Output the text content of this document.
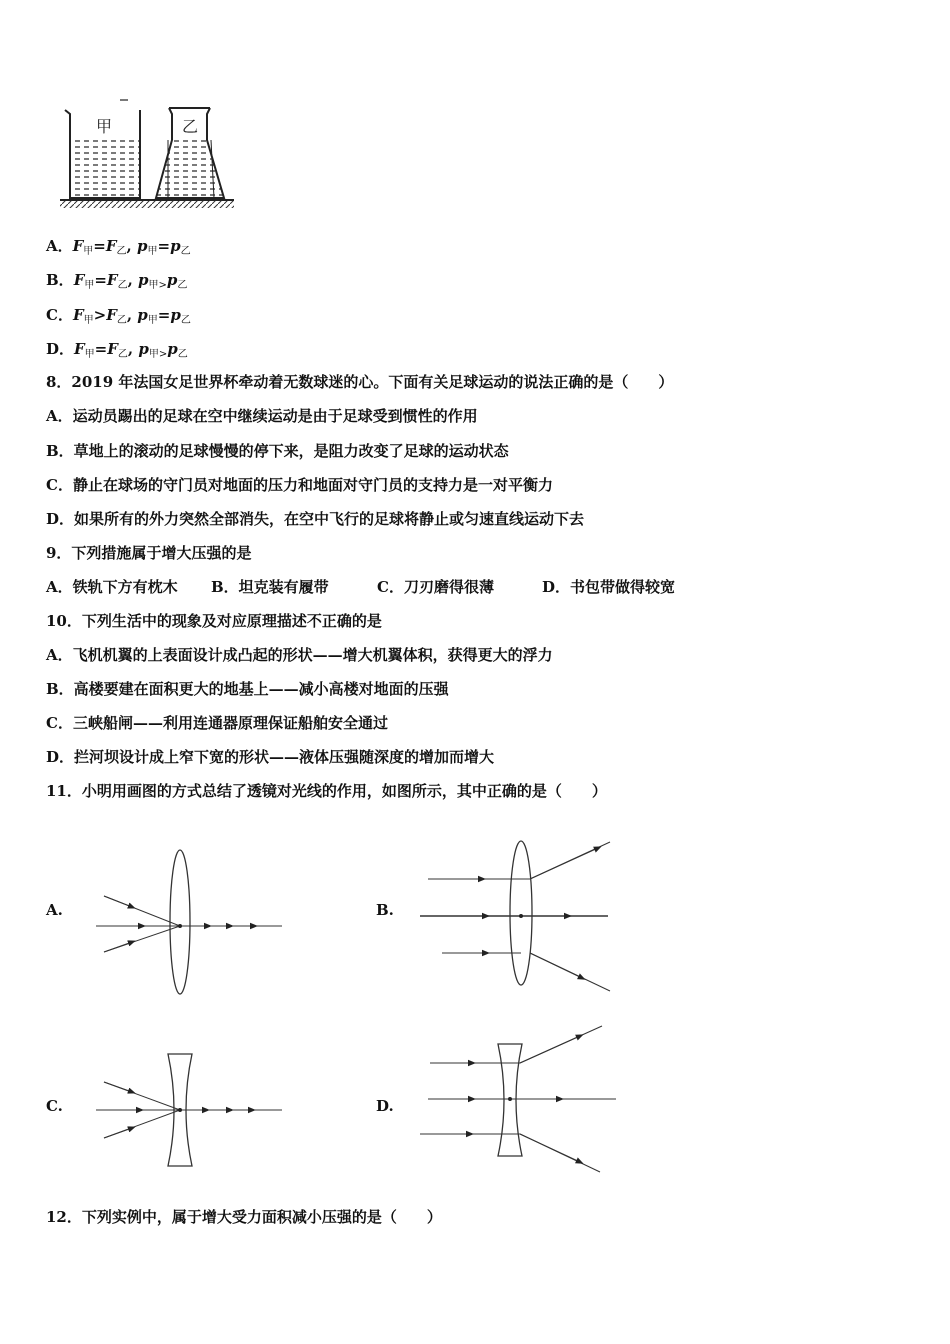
甲	乙
A．$F_甲=F_乙$, $p_甲=p_乙$
B．$F_甲=F_乙$, $p_{甲>}p_乙$
C．$F_甲>F_乙$, $p_甲=p_乙$
D．$F_甲=F_乙$, $p_{甲>}p_乙$
8．2019 年法国女足世界杯牵动着无数球迷的心。下面有关足球运动的说法正确的是（　　）
A．运动员踢出的足球在空中继续运动是由于足球受到惯性的作用
B．草地上的滚动的足球慢慢的停下来，是阻力改变了足球的运动状态
C．静止在球场的守门员对地面的压力和地面对守门员的支持力是一对平衡力
D．如果所有的外力突然全部消失，在空中飞行的足球将静止或匀速直线运动下去
9．下列措施属于增大压强的是
A．铁轨下方有枕木 B．坦克装有履带	C．刀刃磨得很薄	D．书包带做得较宽
10．下列生活中的现象及对应原理描述不正确的是
A．飞机机翼的上表面设计成凸起的形状——增大机翼体积，获得更大的浮力
B．高楼要建在面积更大的地基上——减小高楼对地面的压强
C．三峡船闸——利用连通器原理保证船舶安全通过
D．拦河坝设计成上窄下宽的形状——液体压强随深度的增加而增大
11．小明用画图的方式总结了透镜对光线的作用，如图所示，其中正确的是（　　）
A.	B.
C.	D.
12．下列实例中，属于增大受力面积减小压强的是（　　）
